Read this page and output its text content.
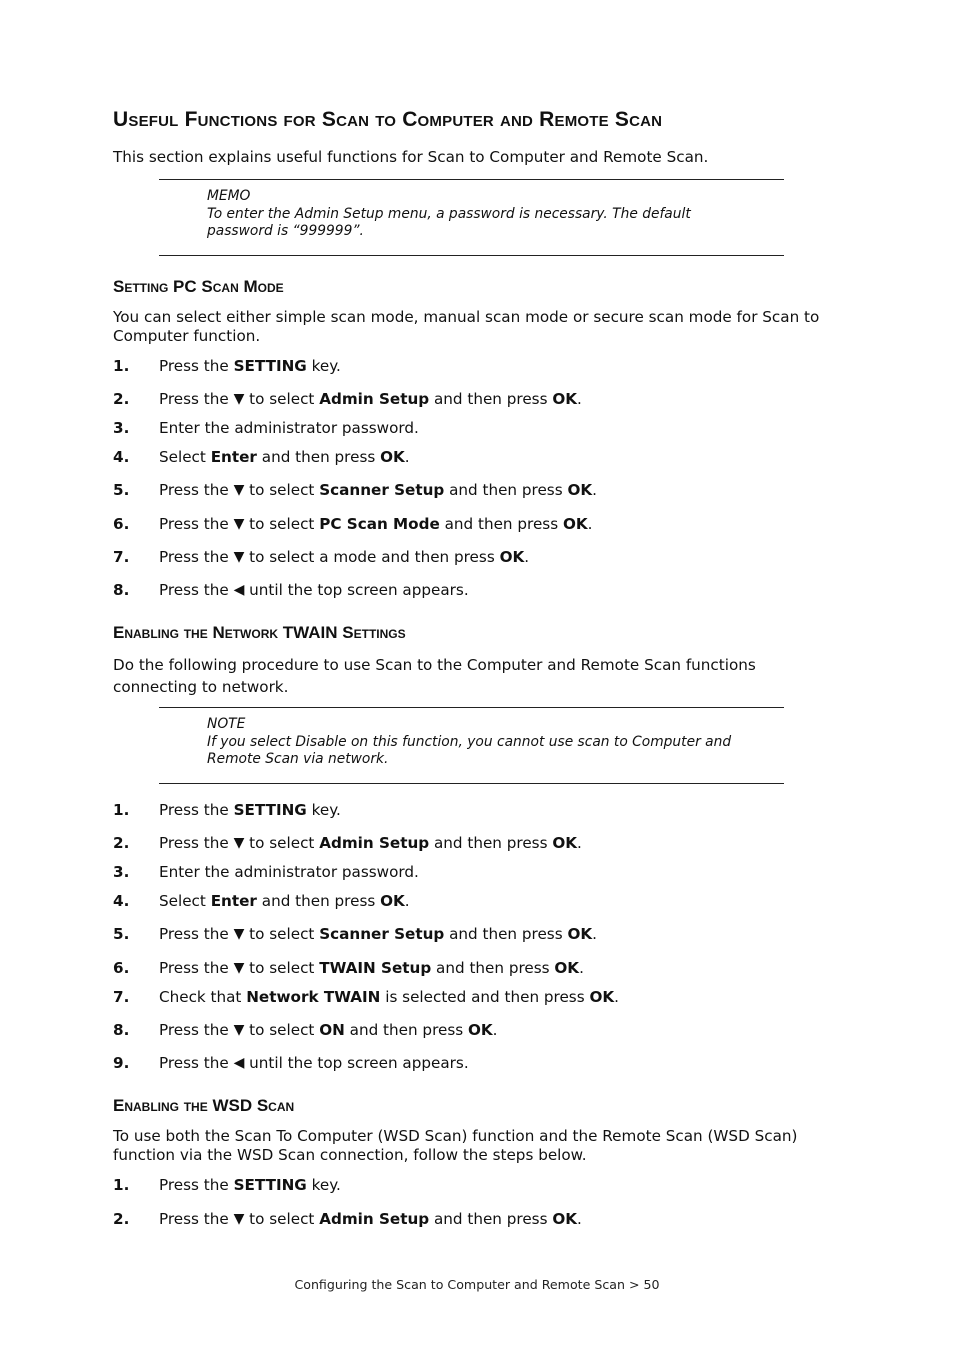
Useful Functions for Scan to Computer and Remote Scan
This section explains useful functions for Scan to Computer and Remote Scan.
MEMO
To enter the Admin Setup menu, a password is necessary. The default
password is “999999”.
Setting PC Scan Mode
You can select either simple scan mode, manual scan mode or secure scan mode for Scan to Computer function.
1. Press the SETTING key.
2. Press the ▼ to select Admin Setup and then press OK.
3. Enter the administrator password.
4. Select Enter and then press OK.
5. Press the ▼ to select Scanner Setup and then press OK.
6. Press the ▼ to select PC Scan Mode and then press OK.
7. Press the ▼ to select a mode and then press OK.
8. Press the ◀ until the top screen appears.
Enabling the Network TWAIN Settings
Do the following procedure to use Scan to the Computer and Remote Scan functions connecting to network.
NOTE
If you select Disable on this function, you cannot use scan to Computer and
Remote Scan via network.
1. Press the SETTING key.
2. Press the ▼ to select Admin Setup and then press OK.
3. Enter the administrator password.
4. Select Enter and then press OK.
5. Press the ▼ to select Scanner Setup and then press OK.
6. Press the ▼ to select TWAIN Setup and then press OK.
7. Check that Network TWAIN is selected and then press OK.
8. Press the ▼ to select ON and then press OK.
9. Press the ◀ until the top screen appears.
Enabling the WSD Scan
To use both the Scan To Computer (WSD Scan) function and the Remote Scan (WSD Scan) function via the WSD Scan connection, follow the steps below.
1. Press the SETTING key.
2. Press the ▼ to select Admin Setup and then press OK.
Configuring the Scan to Computer and Remote Scan > 50
